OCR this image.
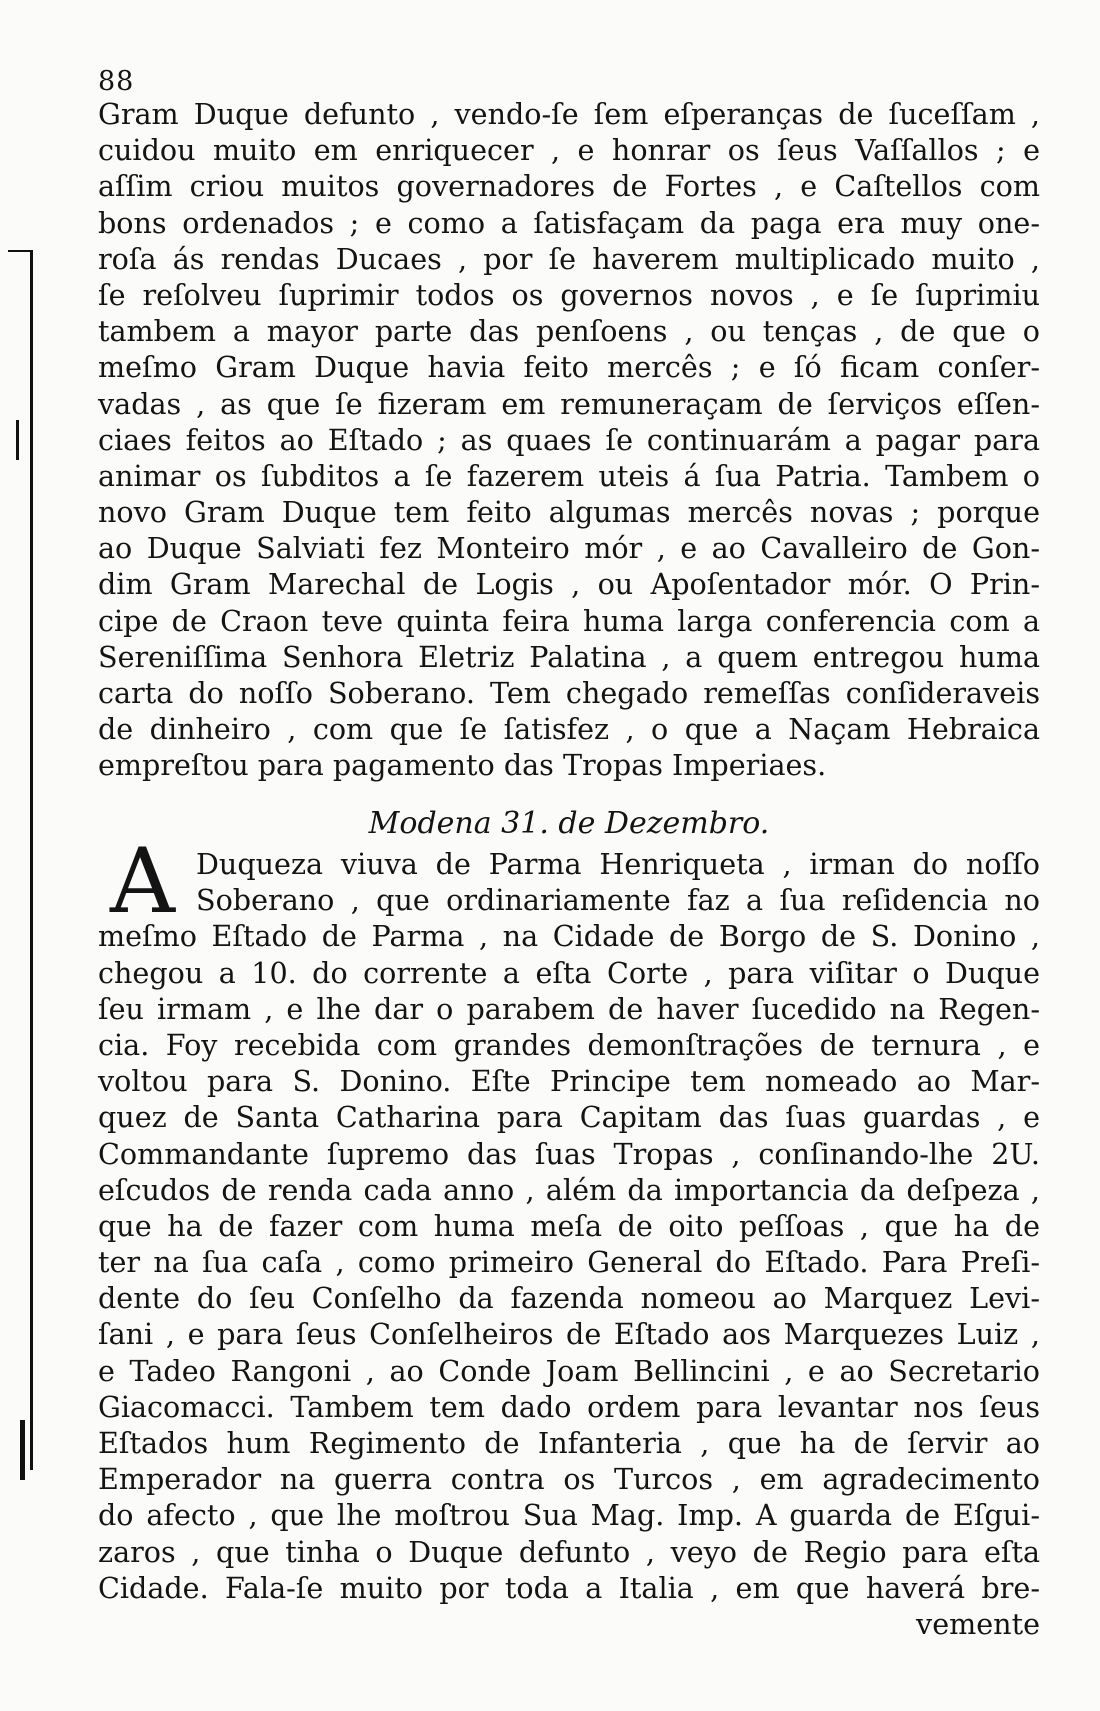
88
Gram Duque defunto , vendo-ſe ſem eſperanças de ſuceſſam ,
cuidou muito em enriquecer , e honrar os ſeus Vaſſallos ; e
aſſim criou muitos governadores de Fortes , e Caſtellos com
bons ordenados ; e como a ſatisfaçam da paga era muy one-
roſa ás rendas Ducaes , por ſe haverem multiplicado muito ,
ſe reſolveu ſuprimir todos os governos novos , e ſe ſuprimiu
tambem a mayor parte das penſoens , ou tenças , de que o
meſmo Gram Duque havia feito mercês ; e ſó ficam conſer-
vadas , as que ſe fizeram em remuneraçam de ſerviços eſſen-
ciaes feitos ao Eſtado ; as quaes ſe continuarám a pagar para
animar os ſubditos a ſe fazerem uteis á ſua Patria. Tambem o
novo Gram Duque tem feito algumas mercês novas ; porque
ao Duque Salviati fez Monteiro mór , e ao Cavalleiro de Gon-
dim Gram Marechal de Logis , ou Apoſentador mór. O Prin-
cipe de Craon teve quinta feira huma larga conferencia com a
Sereniſſima Senhora Eletriz Palatina , a quem entregou huma
carta do noſſo Soberano. Tem chegado remeſſas conſideraveis
de dinheiro , com que ſe ſatisfez , o que a Naçam Hebraica
empreſtou para pagamento das Tropas Imperiaes.
Modena 31. de Dezembro.
A Duqueza viuva de Parma Henriqueta , irman do noſſo
Soberano , que ordinariamente faz a ſua reſidencia no
meſmo Eſtado de Parma , na Cidade de Borgo de S. Donino ,
chegou a 10. do corrente a eſta Corte , para viſitar o Duque
ſeu irmam , e lhe dar o parabem de haver ſucedido na Regen-
cia. Foy recebida com grandes demonſtrações de ternura , e
voltou para S. Donino. Eſte Principe tem nomeado ao Mar-
quez de Santa Catharina para Capitam das ſuas guardas , e
Commandante ſupremo das ſuas Tropas , conſinando-lhe 2U.
eſcudos de renda cada anno , além da importancia da deſpeza ,
que ha de fazer com huma meſa de oito peſſoas , que ha de
ter na ſua caſa , como primeiro General do Eſtado. Para Preſi-
dente do ſeu Conſelho da fazenda nomeou ao Marquez Levi-
ſani , e para ſeus Conſelheiros de Eſtado aos Marquezes Luiz ,
e Tadeo Rangoni , ao Conde Joam Bellincini , e ao Secretario
Giacomacci. Tambem tem dado ordem para levantar nos ſeus
Eſtados hum Regimento de Infanteria , que ha de ſervir ao
Emperador na guerra contra os Turcos , em agradecimento
do afecto , que lhe moſtrou Sua Mag. Imp. A guarda de Eſgui-
zaros , que tinha o Duque defunto , veyo de Regio para eſta
Cidade. Fala-ſe muito por toda a Italia , em que haverá bre-
vemente
